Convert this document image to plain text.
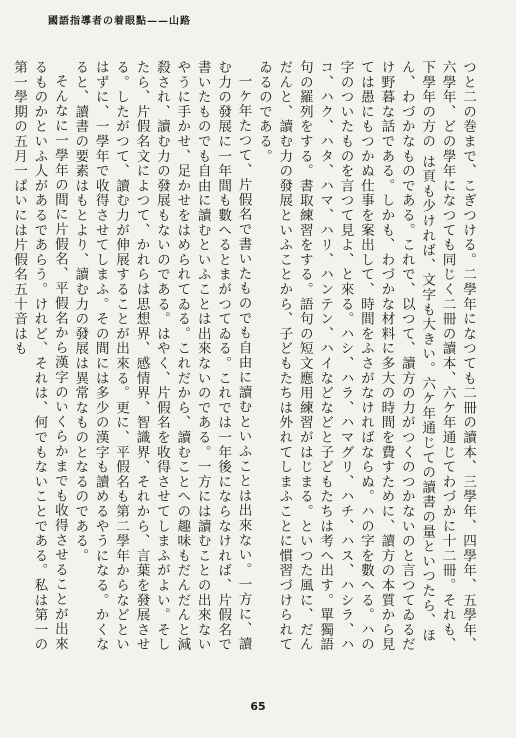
國語指導者の着眼點——山路

つと二の巻まで、こぎつける。二學年になつても二冊の讀本、三學年、四學年、五學年、六學年、どの學年になつても同じく二冊の讀本、六ケ年通じてわづかに十二冊。それも、下學年の方の は頁も少ければ、文字も大きい。六ケ年通じての讀書の量といつたら、ほん、わづかなものである。これで、以つて、讀方の力がつくのつかないのと言つてゐるだけ野暮な話である。しかも、わづかな材料に多大の時間を費すために、讀方の本質から見ては愚にもつかぬ仕事を案出して、時間をふさがなければならぬ。ハの字を數へる。ハの字のついたものを言つて見よ、と來る。ハシ、ハラ、ハマグリ、ハチ、ハス、ハシラ、ハコ、ハク、ハタ、ハマ、ハリ、ハンテン、ハイなどなどと子どもたちは考へ出す。單獨語句の羅列をする。書取練習をする。語句の短文應用練習がはじまる。といつた風に、だんだんと、讀む力の發展といふことから、子どもたちは外れてしまふことに慣習づけられてゐるのである。

一ケ年たつて、片假名で書いたものでも自由に讀むといふことは出來ない。一方に、讀む力の發展に一年間も數へるとまがつてゐる。これでは一年後にならなければ、片假名で書いたものでも自由に讀むといふことは出來ないのである。一方には讀むことの出來ないやうに手かせ、足かせをはめられてゐる。これだから、讀むことへの趣味もだんだんと減殺され、讀む力の發展もないのである。はやく、片假名を收得させてしまふがよい。そしたら、片假名文によつて、かれらは思想界、感情界、智識界、それから、言葉を發展させる。したがつて、讀む力が伸展することが出來る。更に、平假名も第二學年からなどといはずに、一學年で收得させてしまふ。その間には多少の漢字も讀めるやうになる。かくなると、讀書の要素はもとより、讀む力の發展は異常なものとなるのである。

そんなに一學年の間に片假名、平假名から漢字のいくらかまでも收得させることが出來るものかといふ人があるであらう。けれど、それは、何でもないことである。私は第一の第一學期の五月一ぱいには片假名五十音はも

65
